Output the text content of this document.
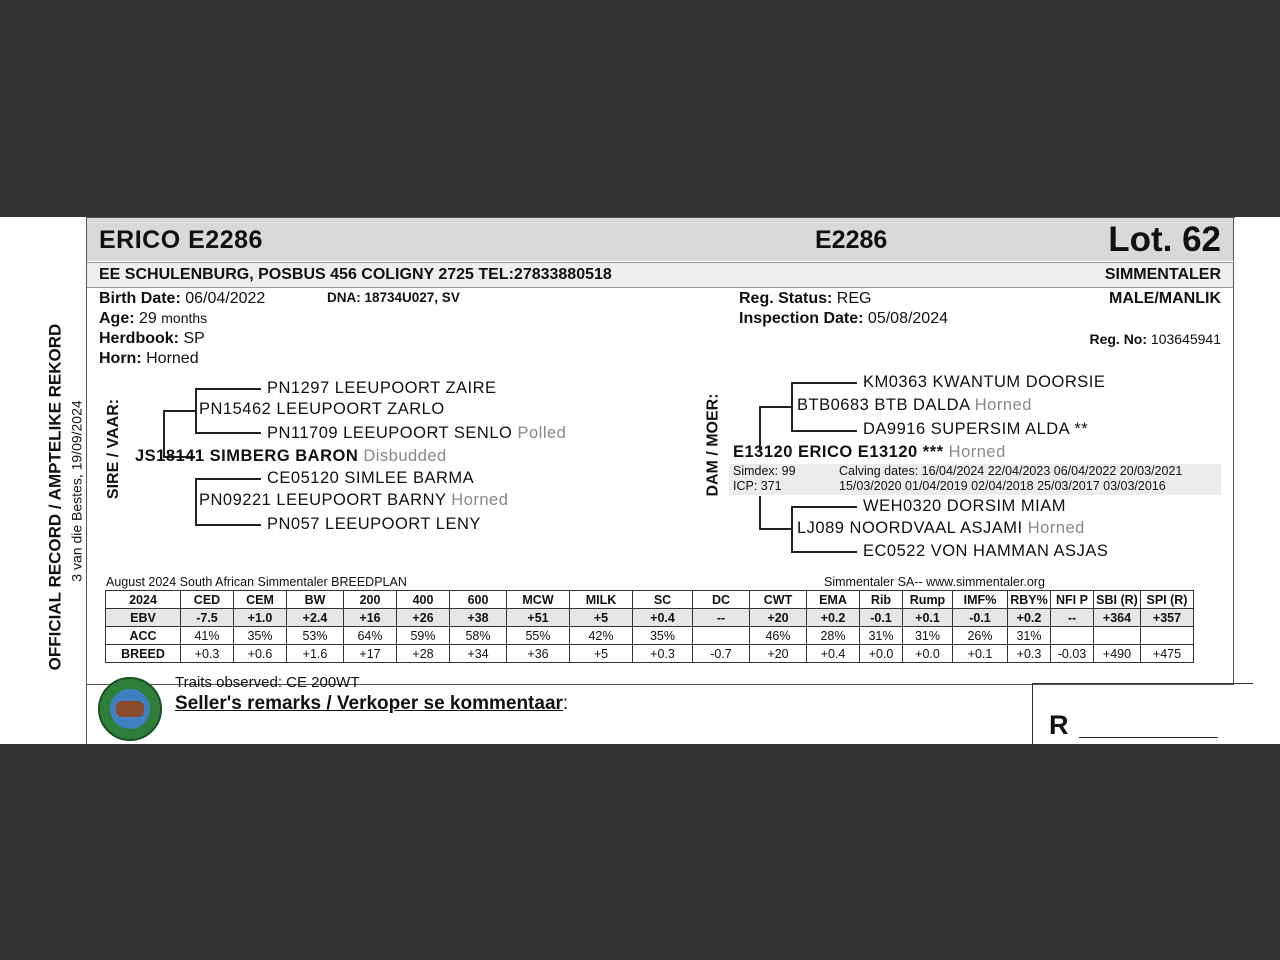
OFFICIAL RECORD / AMPTELIKE REKORD 3 van die Bestes, 19/09/2024
ERICO E2286	E2286	Lot. 62
EE SCHULENBURG, POSBUS 456 COLIGNY 2725 TEL:27833880518	SIMMENTALER
Birth Date: 06/04/2022	DNA: 18734U027, SV
Age: 29 months
Herdbook: SP
Horn: Horned
Reg. Status: REG
Inspection Date: 05/08/2024
MALE/MANLIK
Reg. No: 103645941
SIRE / VAAR:	PN15462 LEEUPOORT ZARLO
PN1297 LEEUPOORT ZAIRE
PN11709 LEEUPOORT SENLO Polled
JS18141 SIMBERG BARON Disbudded
CE05120 SIMLEE BARMA
PN09221 LEEUPOORT BARNY Horned
PN057 LEEUPOORT LENY
DAM / MOER:
KM0363 KWANTUM DOORSIE
BTB0683 BTB DALDA Horned
DA9916 SUPERSIM ALDA **
E13120 ERICO E13120 *** Horned
Simdex: 99
ICP: 371
Calving dates: 16/04/2024 22/04/2023 06/04/2022 20/03/2021
15/03/2020 01/04/2019 02/04/2018 25/03/2017 03/03/2016
WEH0320 DORSIM MIAM
LJ089 NOORDVAAL ASJAMI Horned
EC0522 VON HAMMAN ASJAS
August 2024 South African Simmentaler BREEDPLAN	Simmentaler SA-- www.simmentaler.org
2024	CED	CEM	BW	200	400	600	MCW	MILK	SC	DC	CWT	EMA	Rib	Rump	IMF%	RBY%	NFI P	SBI (R)	SPI (R)
EBV	-7.5	+1.0	+2.4	+16	+26	+38	+51	+5	+0.4	--	+20	+0.2	-0.1	+0.1	-0.1	+0.2	--	+364	+357
ACC	41%	35%	53%	64%	59%	58%	55%	42%	35%		46%	28%	31%	31%	26%	31%			
BREED	+0.3	+0.6	+1.6	+17	+28	+34	+36	+5	+0.3	-0.7	+20	+0.4	+0.0	+0.0	+0.1	+0.3	-0.03	+490	+475
Traits observed: CE 200WT
Seller's remarks / Verkoper se kommentaar:
R ___________________
